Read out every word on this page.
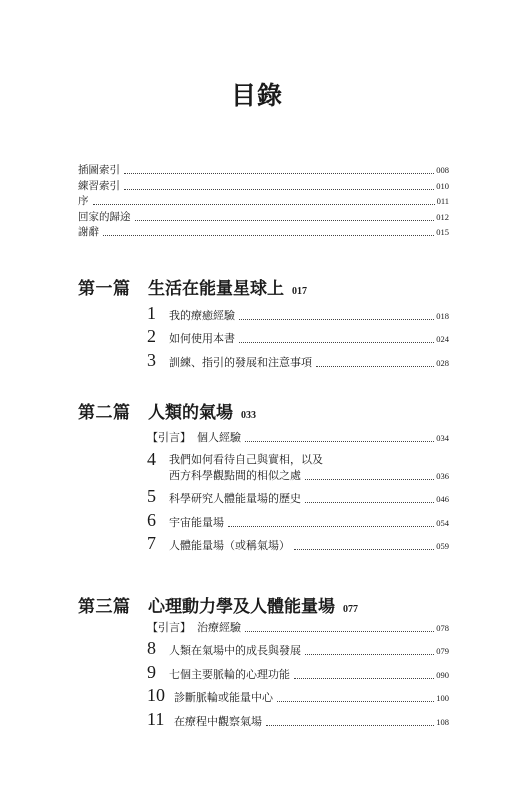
目錄
插圖索引	008
練習索引	010
序	011
回家的歸途	012
謝辭	015
第一篇	生活在能量星球上 017
1	我的療癒經驗	018
2	如何使用本書	024
3	訓練、指引的發展和注意事項	028
第二篇	人類的氣場 033
【引言】 個人經驗	034
4	我們如何看待自己與實相，以及
西方科學觀點間的相似之處	036
5	科學研究人體能量場的歷史	046
6	宇宙能量場	054
7	人體能量場（或稱氣場）	059
第三篇	心理動力學及人體能量場 077
【引言】 治療經驗	078
8	人類在氣場中的成長與發展	079
9	七個主要脈輪的心理功能	090
10 診斷脈輪或能量中心	100
11 在療程中觀察氣場	108
